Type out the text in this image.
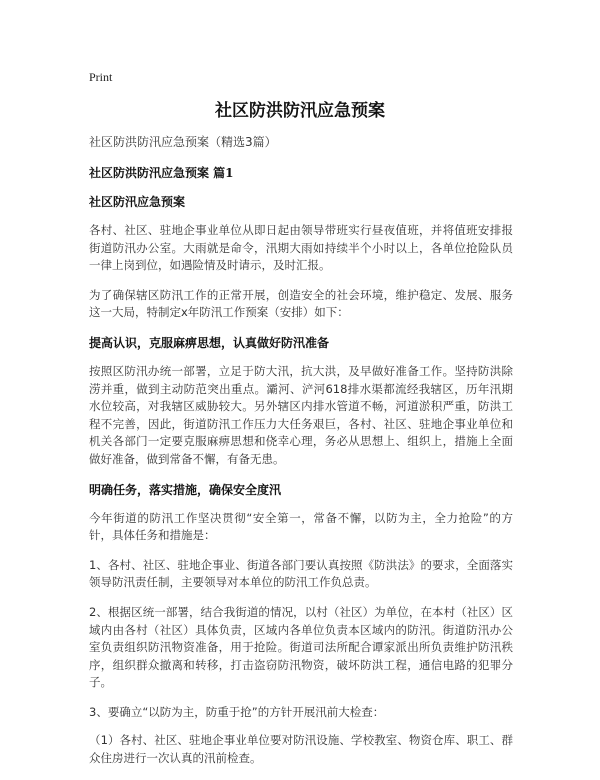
Print
社区防洪防汛应急预案

社区防洪防汛应急预案（精选3篇）

社区防洪防汛应急预案 篇1

社区防汛应急预案

各村、社区、驻地企事业单位从即日起由领导带班实行昼夜值班，并将值班安排报街道防汛办公室。大雨就是命令，汛期大雨如持续半个小时以上，各单位抢险队员一律上岗到位，如遇险情及时请示，及时汇报。

为了确保辖区防汛工作的正常开展，创造安全的社会环境，维护稳定、发展、服务这一大局，特制定x年防汛工作预案（安排）如下：

提高认识，克服麻痹思想，认真做好防汛准备

按照区防汛办统一部署，立足于防大汛，抗大洪，及早做好准备工作。坚持防洪除涝并重，做到主动防范突出重点。灞河、浐河618排水渠都流经我辖区，历年汛期水位较高，对我辖区威胁较大。另外辖区内排水管道不畅，河道淤积严重，防洪工程不完善，因此，街道防汛工作压力大任务艰巨，各村、社区、驻地企事业单位和机关各部门一定要克服麻痹思想和侥幸心理，务必从思想上、组织上，措施上全面做好准备，做到常备不懈，有备无患。

明确任务，落实措施，确保安全度汛

今年街道的防汛工作坚决贯彻“安全第一，常备不懈，以防为主，全力抢险”的方针，具体任务和措施是：

1、各村、社区、驻地企事业、街道各部门要认真按照《防洪法》的要求，全面落实领导防汛责任制，主要领导对本单位的防汛工作负总责。

2、根据区统一部署，结合我街道的情况，以村（社区）为单位，在本村（社区）区域内由各村（社区）具体负责，区域内各单位负责本区域内的防汛。街道防汛办公室负责组织防汛物资准备，用于抢险。街道司法所配合谭家派出所负责维护防汛秩序，组织群众撤离和转移，打击盗窃防汛物资，破坏防洪工程，通信电路的犯罪分子。

3、要确立“以防为主，防重于抢”的方针开展汛前大检查：

（1）各村、社区、驻地企事业单位要对防汛设施、学校教室、物资仓库、职工、群众住房进行一次认真的汛前检查。
